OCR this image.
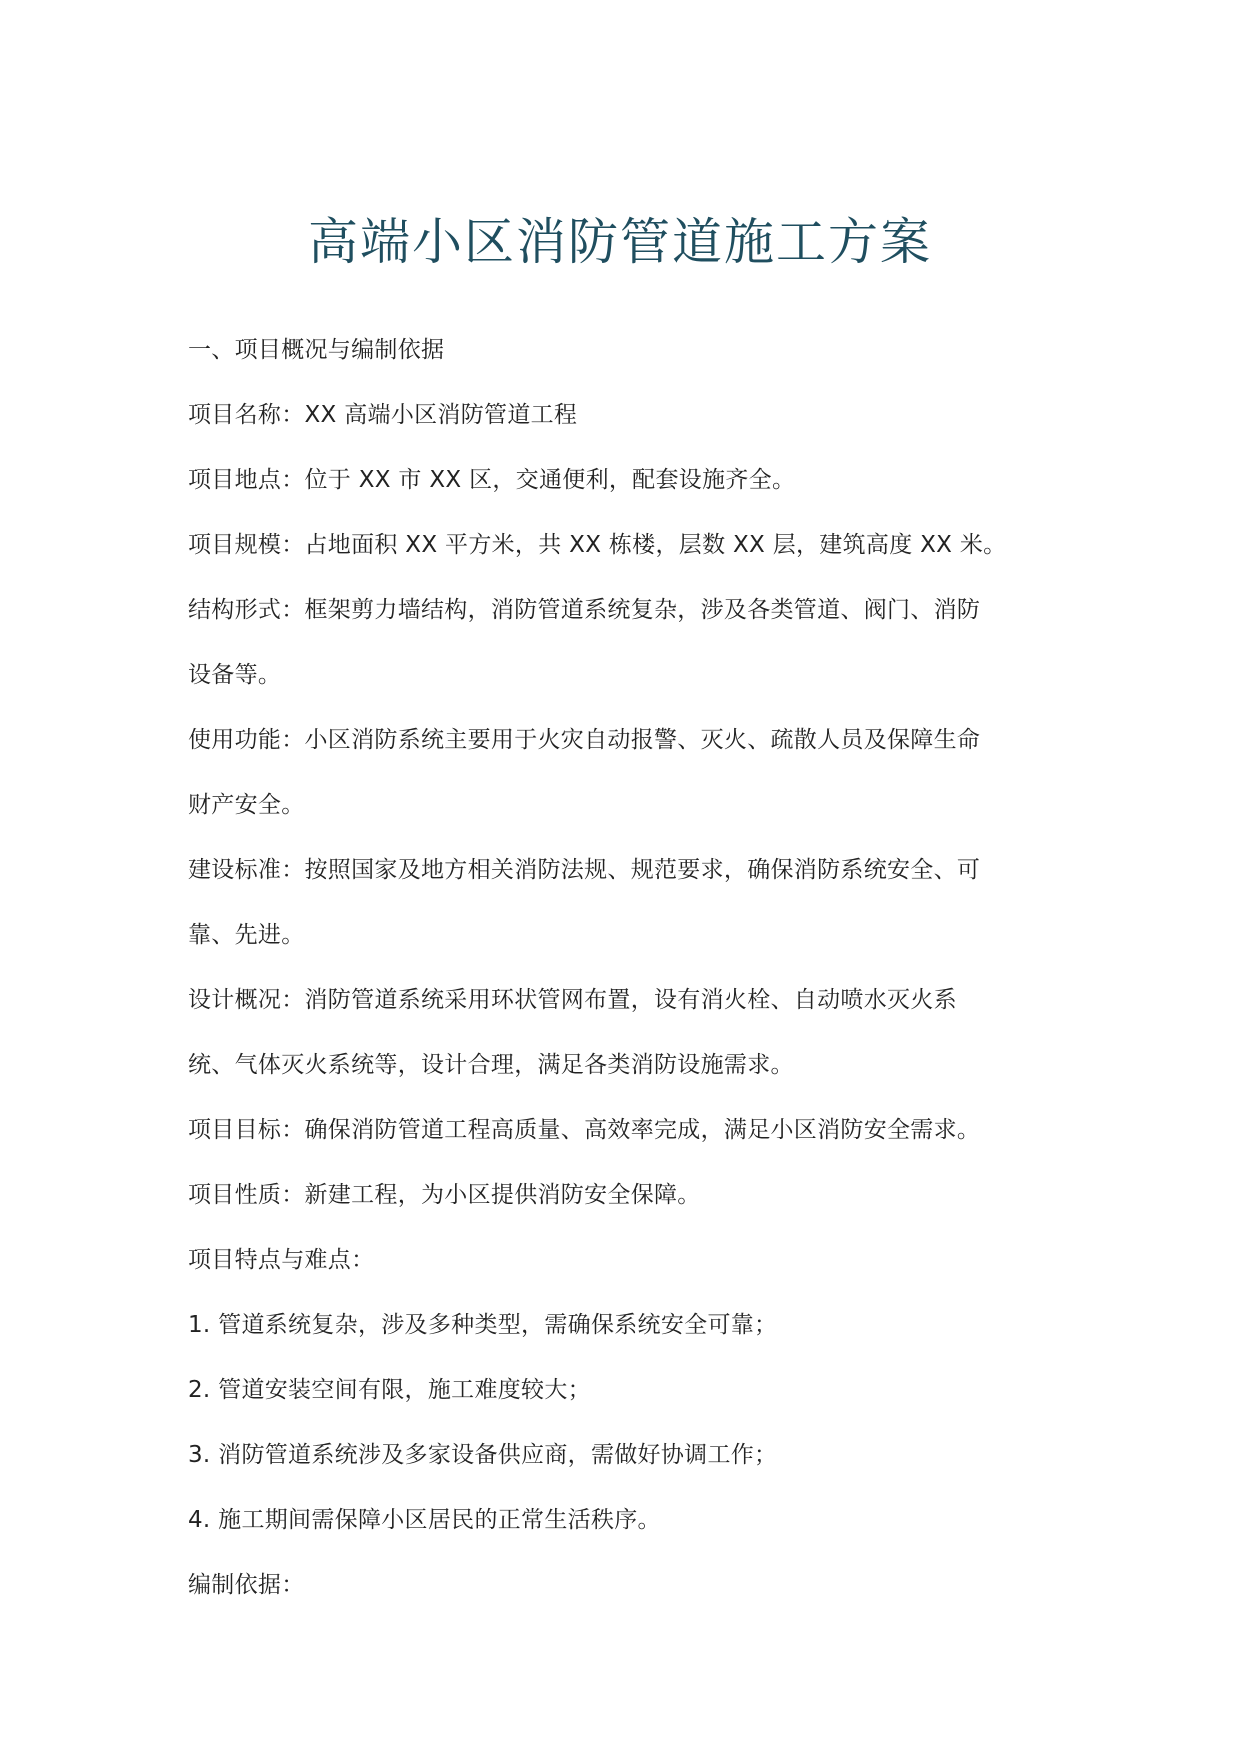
高端小区消防管道施工方案
一、项目概况与编制依据
项目名称：XX 高端小区消防管道工程
项目地点：位于 XX 市 XX 区，交通便利，配套设施齐全。
项目规模：占地面积 XX 平方米，共 XX 栋楼，层数 XX 层，建筑高度 XX 米。
结构形式：框架剪力墙结构，消防管道系统复杂，涉及各类管道、阀门、消防
设备等。
使用功能：小区消防系统主要用于火灾自动报警、灭火、疏散人员及保障生命
财产安全。
建设标准：按照国家及地方相关消防法规、规范要求，确保消防系统安全、可
靠、先进。
设计概况：消防管道系统采用环状管网布置，设有消火栓、自动喷水灭火系
统、气体灭火系统等，设计合理，满足各类消防设施需求。
项目目标：确保消防管道工程高质量、高效率完成，满足小区消防安全需求。
项目性质：新建工程，为小区提供消防安全保障。
项目特点与难点：
1. 管道系统复杂，涉及多种类型，需确保系统安全可靠；
2. 管道安装空间有限，施工难度较大；
3. 消防管道系统涉及多家设备供应商，需做好协调工作；
4. 施工期间需保障小区居民的正常生活秩序。
编制依据：
